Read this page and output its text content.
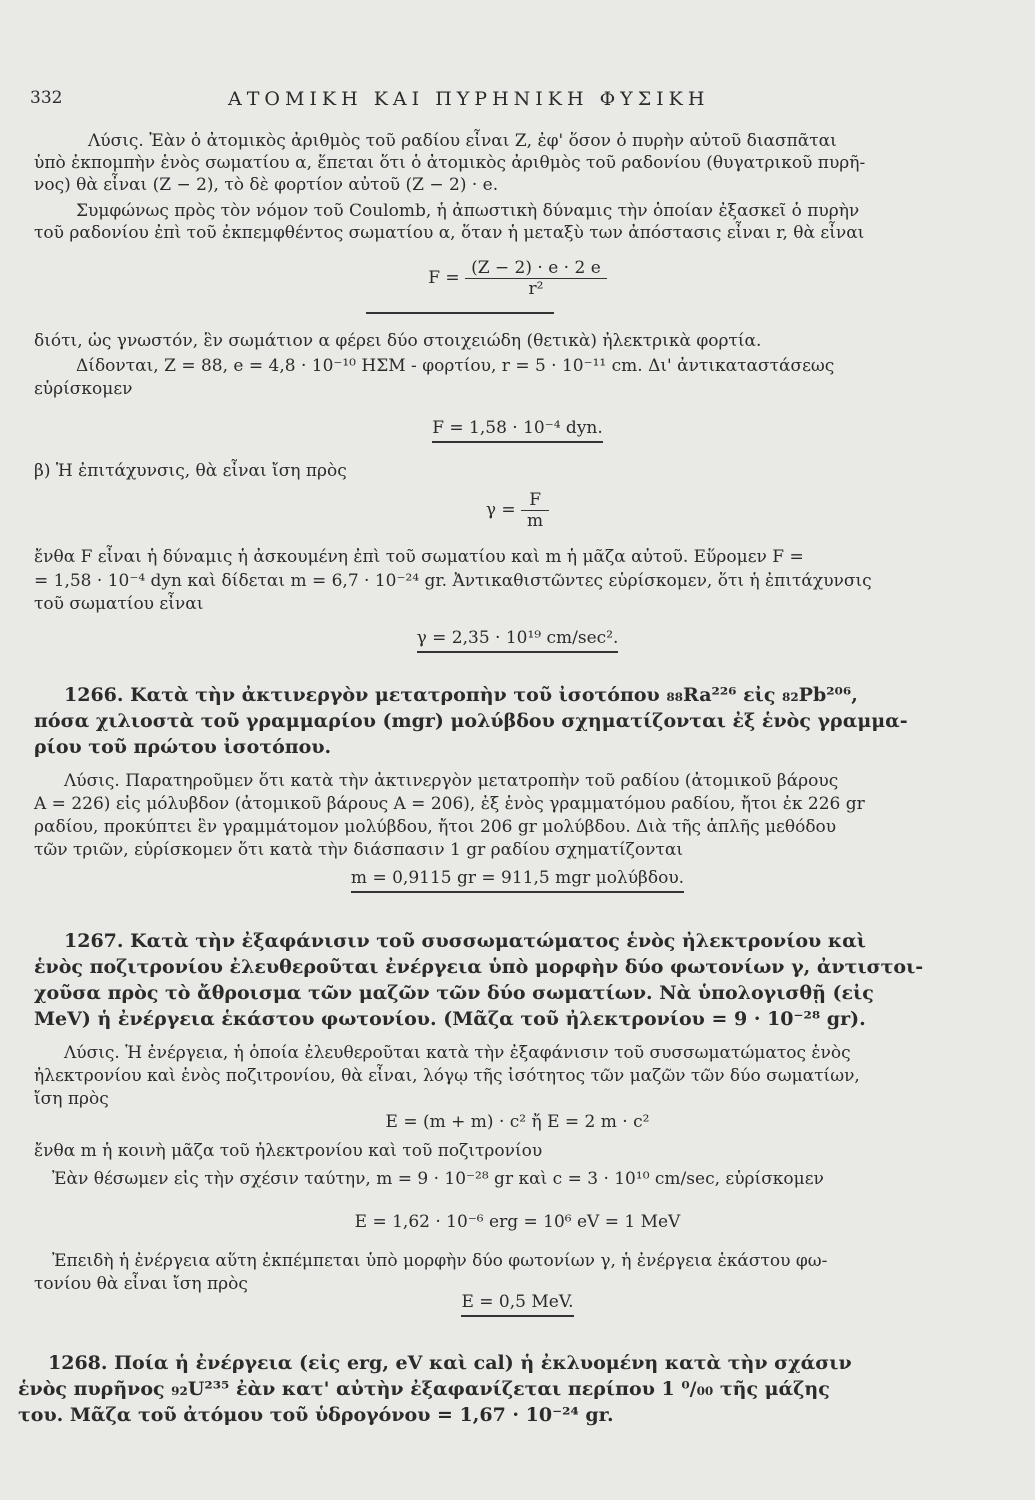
332	ΑΤΟΜΙΚΗ ΚΑΙ ΠΥΡΗΝΙΚΗ ΦΥΣΙΚΗ
Λύσις. Ἐὰν ὁ ἀτομικὸς ἀριθμὸς τοῦ ραδίου εἶναι Ζ, ἐφ' ὅσον ὁ πυρὴν αὐτοῦ διασπᾶται
ὑπὸ ἐκπομπὴν ἑνὸς σωματίου α, ἕπεται ὅτι ὁ ἀτομικὸς ἀριθμὸς τοῦ ραδονίου (θυγατρικοῦ πυρῆ-
νος) θὰ εἶναι (Ζ − 2), τὸ δὲ φορτίον αὐτοῦ (Ζ − 2) · e.
Συμφώνως πρὸς τὸν νόμον τοῦ Coulomb, ἡ ἀπωστικὴ δύναμις τὴν ὁποίαν ἐξασκεῖ ὁ πυρὴν
τοῦ ραδονίου ἐπὶ τοῦ ἐκπεμφθέντος σωματίου α, ὅταν ἡ μεταξὺ των ἀπόστασις εἶναι r, θὰ εἶναι
$F = \frac{(Z - 2) \cdot e \cdot 2 e}{\text{r²}}$
διότι, ὡς γνωστόν, ἓν σωμάτιον α φέρει δύο στοιχειώδη (θετικὰ) ἠλεκτρικὰ φορτία.
Δίδονται, Ζ = 88, e = 4,8 · 10⁻¹⁰ ΗΣΜ - φορτίου, r = 5 · 10⁻¹¹ cm. Δι' ἀντικαταστάσεως
εὑρίσκομεν
F = 1,58 · 10⁻⁴ dyn.
β) Ἡ ἐπιτάχυνσις, θὰ εἶναι ἴση πρὸς
$\gamma = \frac{F}{m}$
ἔνθα F εἶναι ἡ δύναμις ἡ ἀσκουμένη ἐπὶ τοῦ σωματίου καὶ m ἡ μᾶζα αὐτοῦ. Εὕρομεν F =
= 1,58 · 10⁻⁴ dyn καὶ δίδεται m = 6,7 · 10⁻²⁴ gr. Ἀντικαθιστῶντες εὑρίσκομεν, ὅτι ἡ ἐπιτάχυνσις
τοῦ σωματίου εἶναι
γ = 2,35 · 10¹⁹ cm/sec².
1266. Κατὰ τὴν ἀκτινεργὸν μετατροπὴν τοῦ ἰσοτόπου ₈₈Ra²²⁶ εἰς ₈₂Pb²⁰⁶,
πόσα χιλιοστὰ τοῦ γραμμαρίου (mgr) μολύβδου σχηματίζονται ἐξ ἑνὸς γραμμα-
ρίου τοῦ πρώτου ἰσοτόπου.
Λύσις. Παρατηροῦμεν ὅτι κατὰ τὴν ἀκτινεργὸν μετατροπὴν τοῦ ραδίου (ἀτομικοῦ βάρους
Α = 226) εἰς μόλυβδον (ἀτομικοῦ βάρους Α = 206), ἐξ ἑνὸς γραμματόμου ραδίου, ἤτοι ἐκ 226 gr
ραδίου, προκύπτει ἓν γραμμάτομον μολύβδου, ἤτοι 206 gr μολύβδου. Διὰ τῆς ἁπλῆς μεθόδου
τῶν τριῶν, εὑρίσκομεν ὅτι κατὰ τὴν διάσπασιν 1 gr ραδίου σχηματίζονται
m = 0,9115 gr = 911,5 mgr μολύβδου.
1267. Κατὰ τὴν ἐξαφάνισιν τοῦ συσσωματώματος ἑνὸς ἠλεκτρονίου καὶ
ἑνὸς ποζιτρονίου ἐλευθεροῦται ἐνέργεια ὑπὸ μορφὴν δύο φωτονίων γ, ἀντιστοι-
χοῦσα πρὸς τὸ ἄθροισμα τῶν μαζῶν τῶν δύο σωματίων. Νὰ ὑπολογισθῇ (εἰς
MeV) ἡ ἐνέργεια ἑκάστου φωτονίου. (Μᾶζα τοῦ ἠλεκτρονίου = 9 · 10⁻²⁸ gr).
Λύσις. Ἡ ἐνέργεια, ἡ ὁποία ἐλευθεροῦται κατὰ τὴν ἐξαφάνισιν τοῦ συσσωματώματος ἑνὸς
ἠλεκτρονίου καὶ ἑνὸς ποζιτρονίου, θὰ εἶναι, λόγῳ τῆς ἰσότητος τῶν μαζῶν τῶν δύο σωματίων,
ἴση πρὸς
E = (m + m) · c² ἤ E = 2 m · c²
ἔνθα m ἡ κοινὴ μᾶζα τοῦ ἠλεκτρονίου καὶ τοῦ ποζιτρονίου
Ἐὰν θέσωμεν εἰς τὴν σχέσιν ταύτην, m = 9 · 10⁻²⁸ gr καὶ c = 3 · 10¹⁰ cm/sec, εὑρίσκομεν
E = 1,62 · 10⁻⁶ erg = 10⁶ eV = 1 MeV
Ἐπειδὴ ἡ ἐνέργεια αὕτη ἐκπέμπεται ὑπὸ μορφὴν δύο φωτονίων γ, ἡ ἐνέργεια ἑκάστου φω-
τονίου θὰ εἶναι ἴση πρὸς
E = 0,5 MeV.
1268. Ποία ἡ ἐνέργεια (εἰς erg, eV καὶ cal) ἡ ἐκλυομένη κατὰ τὴν σχάσιν
ἑνὸς πυρῆνος ₉₂U²³⁵ ἐὰν κατ' αὐτὴν ἐξαφανίζεται περίπου 1 ⁰/₀₀ τῆς μάζης
του. Μᾶζα τοῦ ἀτόμου τοῦ ὑδρογόνου = 1,67 · 10⁻²⁴ gr.
